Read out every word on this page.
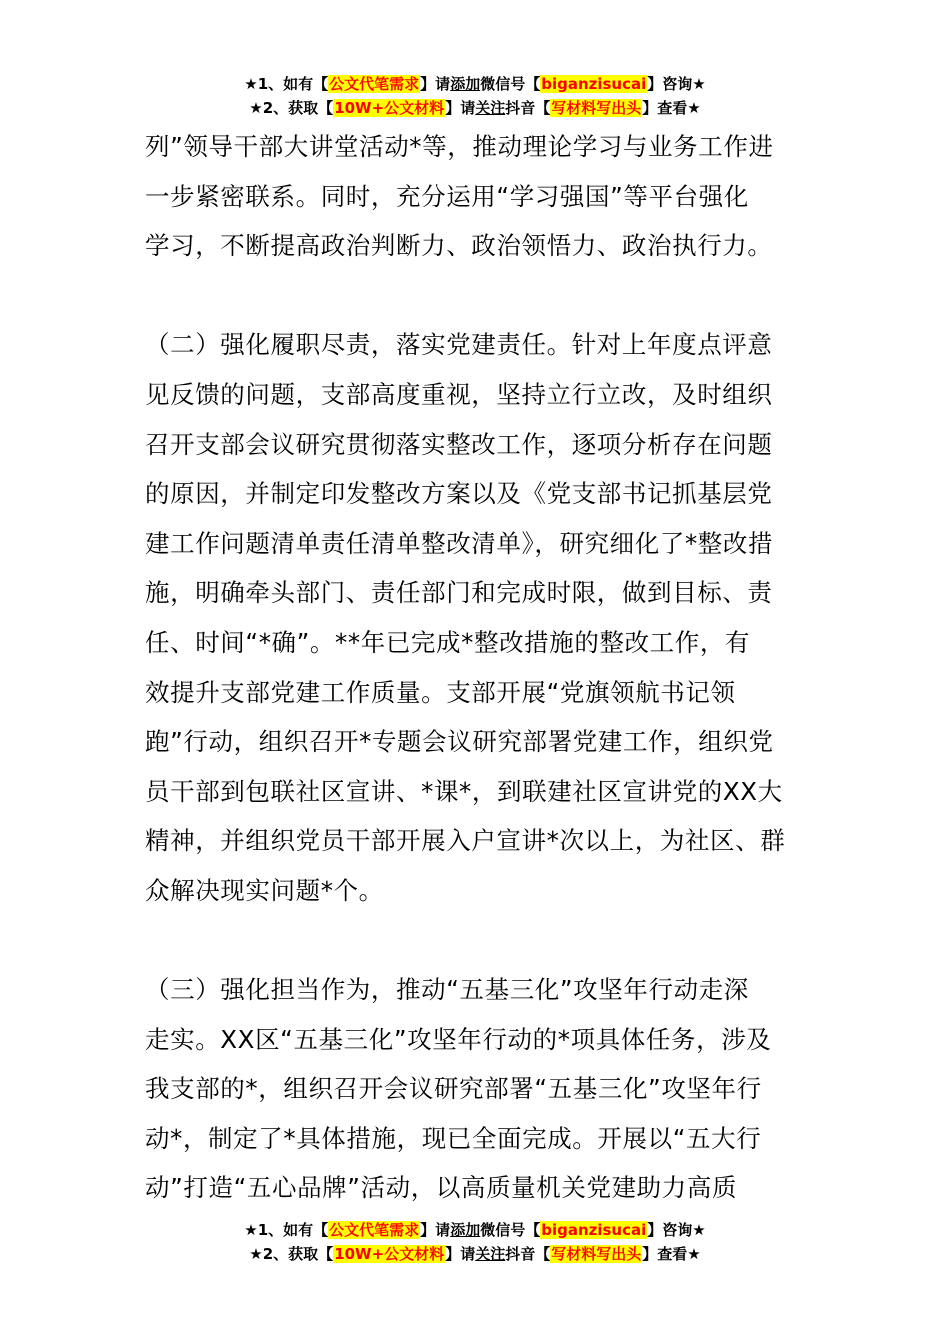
★1、如有【公文代笔需求】请添加微信号【biganzisucai】咨询★
★2、获取【10W+公文材料】请关注抖音【写材料写出头】查看★

列”领导干部大讲堂活动*等，推动理论学习与业务工作进

一步紧密联系。同时，充分运用“学习强国”等平台强化

学习，不断提高政治判断力、政治领悟力、政治执行力。

（二）强化履职尽责，落实党建责任。针对上年度点评意

见反馈的问题，支部高度重视，坚持立行立改，及时组织

召开支部会议研究贯彻落实整改工作，逐项分析存在问题

的原因，并制定印发整改方案以及《党支部书记抓基层党

建工作问题清单责任清单整改清单》，研究细化了*整改措

施，明确牵头部门、责任部门和完成时限，做到目标、责

任、时间“*确”。**年已完成*整改措施的整改工作，有

效提升支部党建工作质量。支部开展“党旗领航书记领

跑”行动，组织召开*专题会议研究部署党建工作，组织党

员干部到包联社区宣讲、*课*，到联建社区宣讲党的XX大

精神，并组织党员干部开展入户宣讲*次以上，为社区、群

众解决现实问题*个。

（三）强化担当作为，推动“五基三化”攻坚年行动走深

走实。XX区“五基三化”攻坚年行动的*项具体任务，涉及

我支部的*，组织召开会议研究部署“五基三化”攻坚年行

动*，制定了*具体措施，现已全面完成。开展以“五大行

动”打造“五心品牌”活动，以高质量机关党建助力高质

★1、如有【公文代笔需求】请添加微信号【biganzisucai】咨询★
★2、获取【10W+公文材料】请关注抖音【写材料写出头】查看★
